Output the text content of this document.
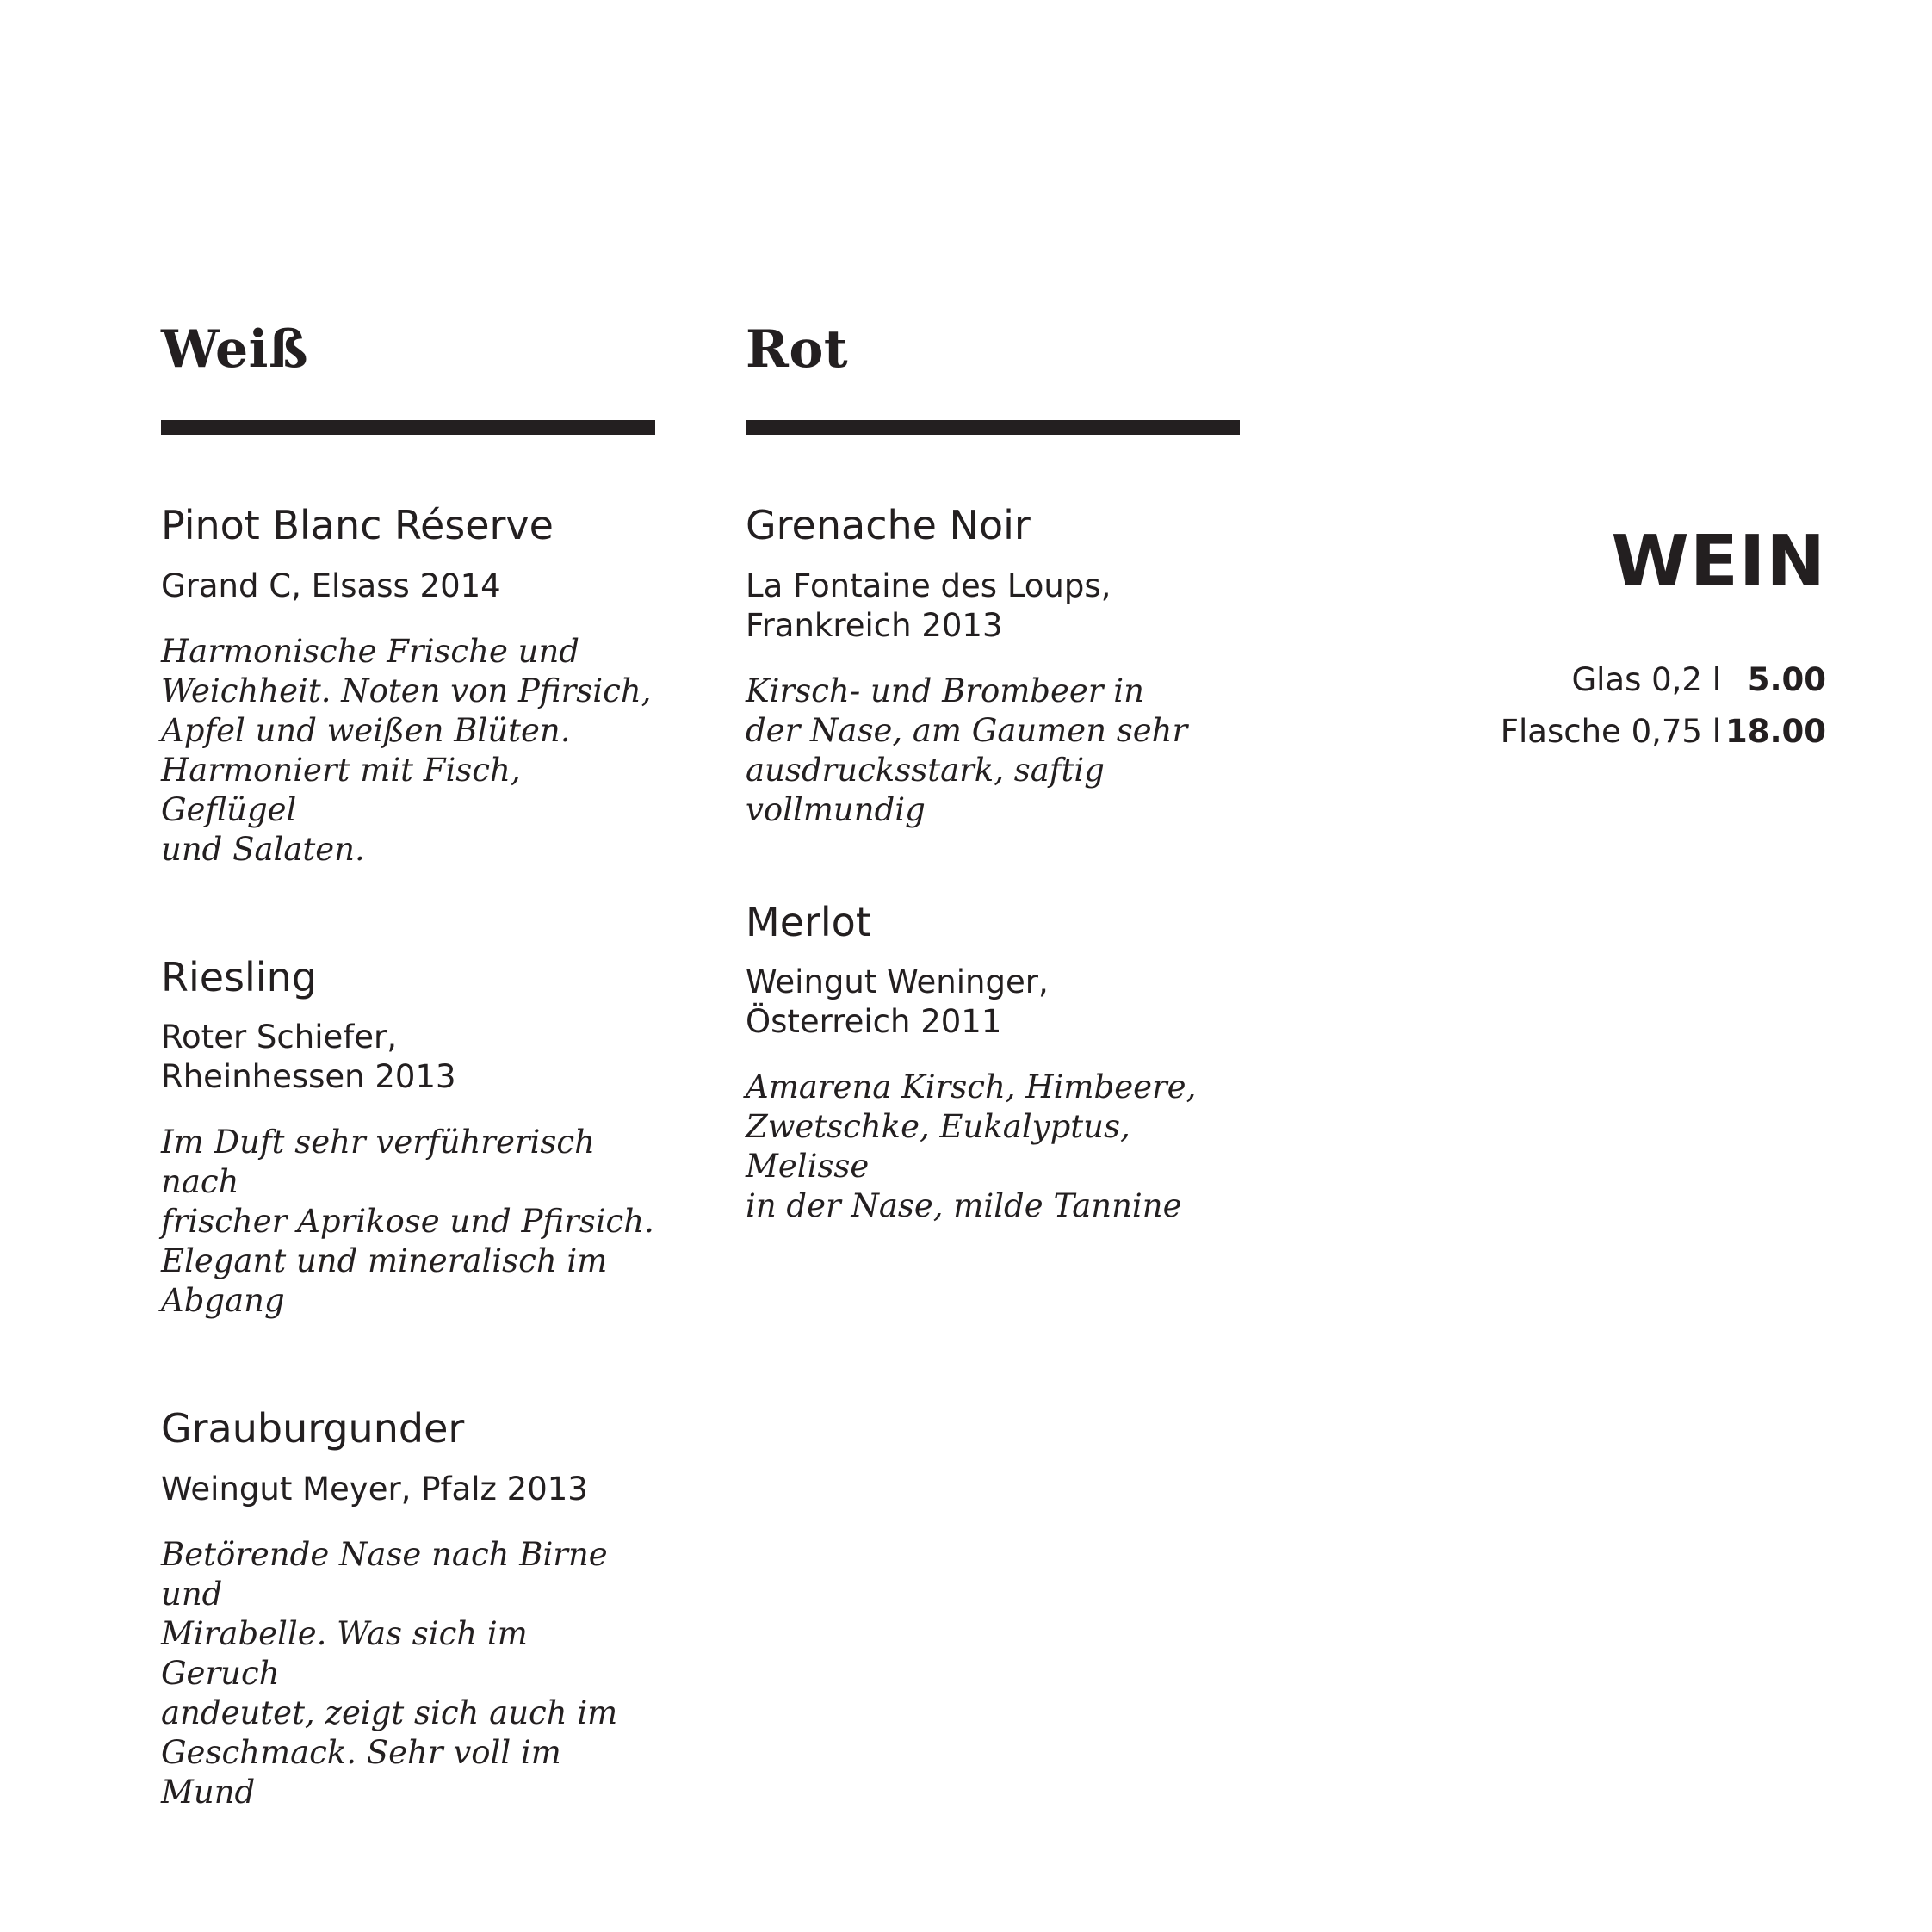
Weiß
Pinot Blanc Réserve

Grand C, Elsass 2014

Harmonische Frische und
Weichheit. Noten von Pfirsich,
Apfel und weißen Blüten.
Harmoniert mit Fisch, Geflügel
und Salaten.

Riesling

Roter Schiefer,
Rheinhessen 2013

Im Duft sehr verführerisch nach
frischer Aprikose und Pfirsich.
Elegant und mineralisch im
Abgang

Grauburgunder

Weingut Meyer, Pfalz 2013

Betörende Nase nach Birne und
Mirabelle. Was sich im Geruch
andeutet, zeigt sich auch im
Geschmack. Sehr voll im Mund

Rot
Grenache Noir

La Fontaine des Loups,
Frankreich 2013

Kirsch- und Brombeer in
der Nase, am Gaumen sehr
ausdrucksstark, saftig vollmundig

Merlot

Weingut Weninger,
Österreich 2011

Amarena Kirsch, Himbeere,
Zwetschke, Eukalyptus, Melisse
in der Nase, milde Tannine

WEIN
Glas 0,2 l 5.00
Flasche 0,75 l 18.00
